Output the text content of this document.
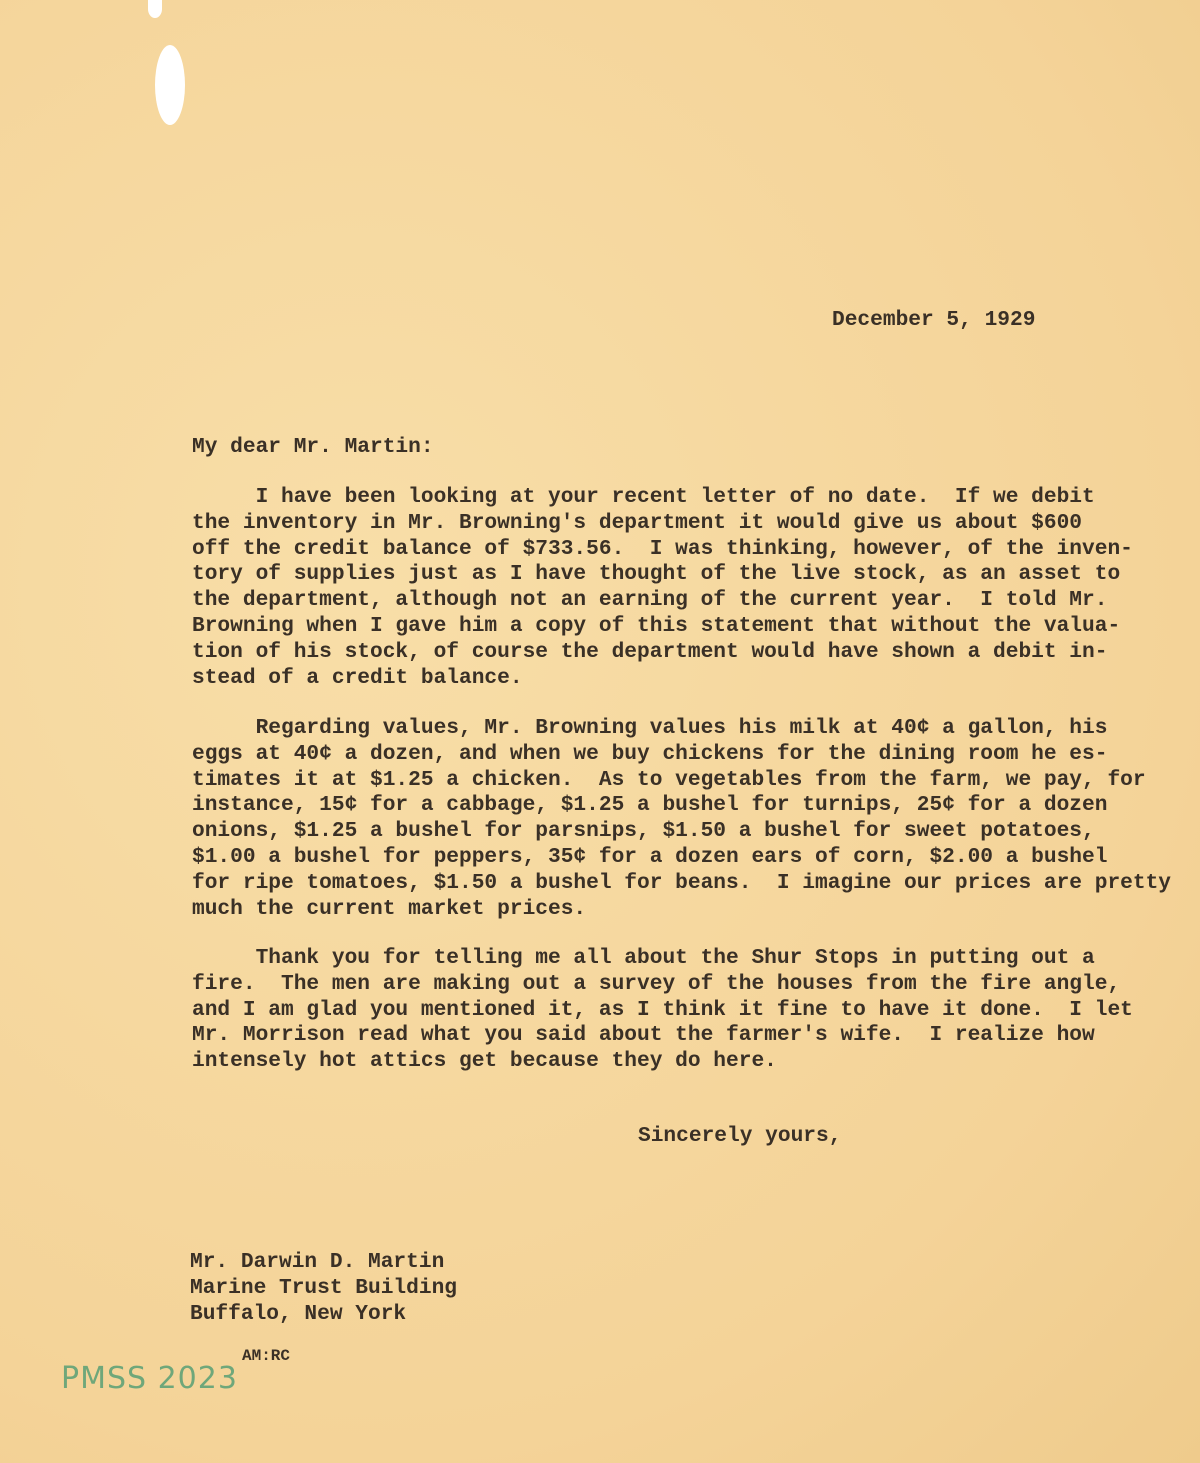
December 5, 1929
My dear Mr. Martin:
I have been looking at your recent letter of no date.  If we debit
the inventory in Mr. Browning's department it would give us about $600
off the credit balance of $733.56.  I was thinking, however, of the inven-
tory of supplies just as I have thought of the live stock, as an asset to
the department, although not an earning of the current year.  I told Mr.
Browning when I gave him a copy of this statement that without the valua-
tion of his stock, of course the department would have shown a debit in-
stead of a credit balance.
Regarding values, Mr. Browning values his milk at 40¢ a gallon, his
eggs at 40¢ a dozen, and when we buy chickens for the dining room he es-
timates it at $1.25 a chicken.  As to vegetables from the farm, we pay, for
instance, 15¢ for a cabbage, $1.25 a bushel for turnips, 25¢ for a dozen
onions, $1.25 a bushel for parsnips, $1.50 a bushel for sweet potatoes,
$1.00 a bushel for peppers, 35¢ for a dozen ears of corn, $2.00 a bushel
for ripe tomatoes, $1.50 a bushel for beans.  I imagine our prices are pretty
much the current market prices.
Thank you for telling me all about the Shur Stops in putting out a
fire.  The men are making out a survey of the houses from the fire angle,
and I am glad you mentioned it, as I think it fine to have it done.  I let
Mr. Morrison read what you said about the farmer's wife.  I realize how
intensely hot attics get because they do here.
Sincerely yours,
Mr. Darwin D. Martin
Marine Trust Building
Buffalo, New York
AM:RC
PMSS 2023
